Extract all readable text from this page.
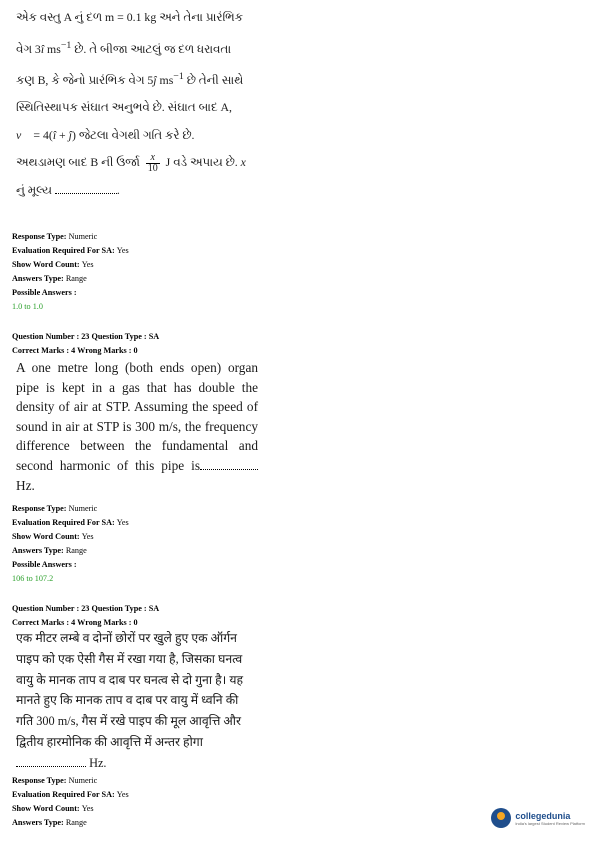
એક વસ્તુ A નું દળ m = 0.1 kg અને તેના પ્રારંભિક

વેગ 3î $ms^{-1}$ છે. તે બીજા આટલું જ દળ ધરાવતા

કણ B, કે જેનો પ્રારંભિક વેગ 5ĵ $ms^{-1}$ છે તેની સાથે

સ્થિતિસ્થાપક સંઘાત અનુભવે છે. સંઘાત બાદ A,

v⃗ = 4(î + ĵ) જેટલા વેગથી ગતિ કરે છે.

અથડામણ બાદ B ની ઉર્જા $\frac{x}{10}$ J વડે અપાય છે. x

નું મૂલ્ય	.

Response Type: Numeric
Evaluation Required For SA: Yes
Show Word Count: Yes
Answers Type: Range
Possible Answers :
1.0 to 1.0
Question Number : 23 Question Type : SA
Correct Marks : 4 Wrong Marks : 0
A one metre long (both ends open) organ pipe is kept in a gas that has double the density of air at STP. Assuming the speed of sound in air at STP is 300 m/s, the frequency difference between the fundamental and second harmonic of this pipe is Hz.
Response Type: Numeric
Evaluation Required For SA: Yes
Show Word Count: Yes
Answers Type: Range
Possible Answers :
106 to 107.2
Question Number : 23 Question Type : SA
Correct Marks : 4 Wrong Marks : 0
एक मीटर लम्बे व दोनों छोरों पर खुले हुए एक ऑर्गन पाइप को एक ऐसी गैस में रखा गया है, जिसका घनत्व वायु के मानक ताप व दाब पर घनत्व से दो गुना है। यह मानते हुए कि मानक ताप व दाब पर वायु में ध्वनि की गति 300 m/s, गैस में रखे पाइप की मूल आवृत्ति और द्वितीय हारमोनिक की आवृत्ति में अन्तर होगा
Hz.
Response Type: Numeric
Evaluation Required For SA: Yes
Show Word Count: Yes
Answers Type: Range
collegedunia
India's largest Student Review Platform
